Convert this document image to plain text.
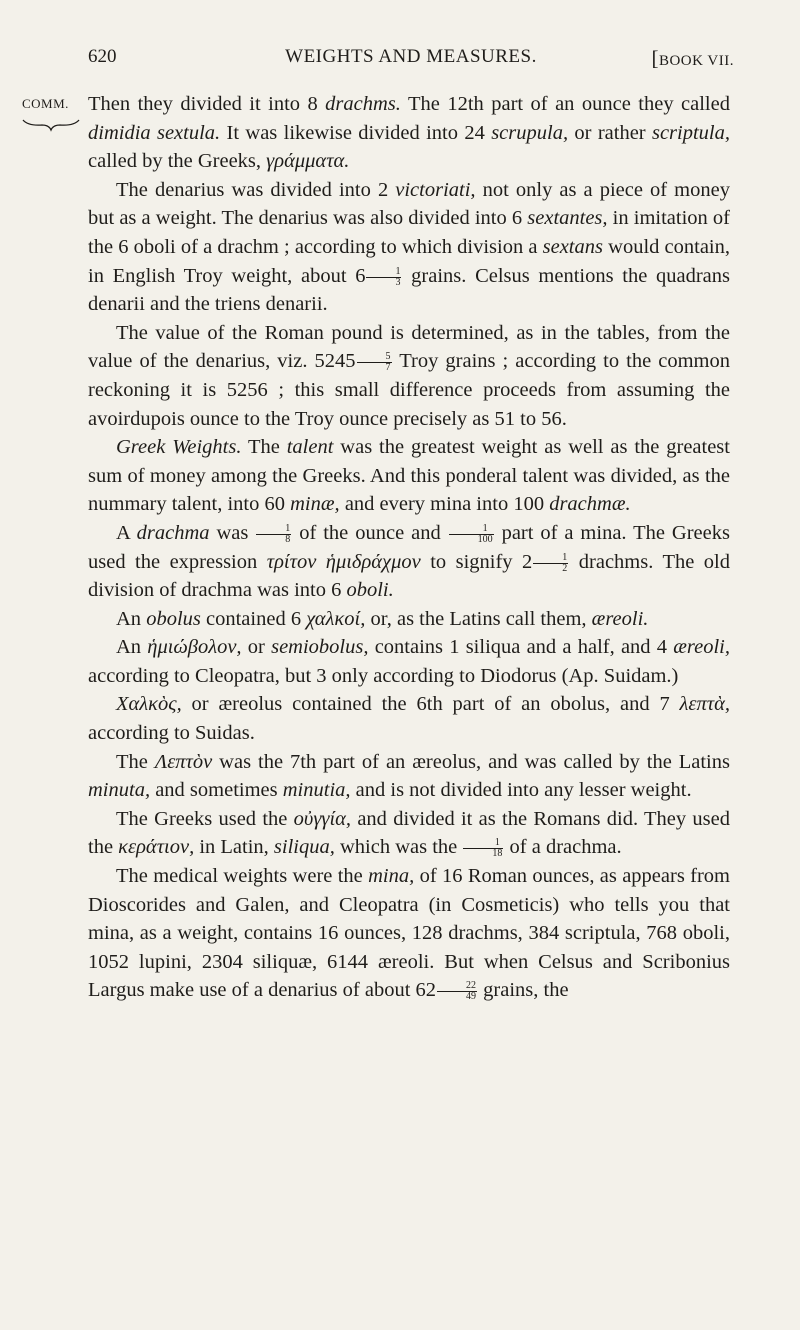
620	WEIGHTS AND MEASURES.	[BOOK VII.
COMM. Then they divided it into 8 drachms. The 12th part of an ounce they called dimidia sextula. It was likewise divided into 24 scrupula, or rather scriptula, called by the Greeks, γράμματα.

The denarius was divided into 2 victoriati, not only as a piece of money but as a weight. The denarius was also divided into 6 sextantes, in imitation of the 6 oboli of a drachm ; according to which division a sextans would contain, in English Troy weight, about $6 \frac{1}{3}$ grains. Celsus mentions the quadrans denarii and the triens denarii.

The value of the Roman pound is determined, as in the tables, from the value of the denarius, viz. $5245 \frac{5}{7}$ Troy grains ; according to the common reckoning it is 5256 ; this small difference proceeds from assuming the avoirdupois ounce to the Troy ounce precisely as 51 to 56.

Greek Weights. The talent was the greatest weight as well as the greatest sum of money among the Greeks. And this ponderal talent was divided, as the nummary talent, into 60 minæ, and every mina into 100 drachmæ.

A drachma was $\frac{1}{8}$ of the ounce and $\frac{1}{100}$ part of a mina. The Greeks used the expression τρίτον ἡμιδράχμον to signify $2 \frac{1}{2}$ drachms. The old division of drachma was into 6 oboli.

An obolus contained 6 χαλκοί, or, as the Latins call them, æreoli.

An ἡμιώβολον, or semiobolus, contains 1 siliqua and a half, and 4 æreoli, according to Cleopatra, but 3 only according to Diodorus (Ap. Suidam.)

Χαλκὸς, or æreolus contained the 6th part of an obolus, and 7 λεπτὰ, according to Suidas.

The Λεπτὸν was the 7th part of an æreolus, and was called by the Latins minuta, and sometimes minutia, and is not divided into any lesser weight.

The Greeks used the οὐγγία, and divided it as the Romans did. They used the κεράτιον, in Latin, siliqua, which was the $\frac{1}{18}$ of a drachma.

The medical weights were the mina, of 16 Roman ounces, as appears from Dioscorides and Galen, and Cleopatra (in Cosmeticis) who tells you that mina, as a weight, contains 16 ounces, 128 drachms, 384 scriptula, 768 oboli, 1052 lupini, 2304 siliquæ, 6144 æreoli. But when Celsus and Scribonius Largus make use of a denarius of about $62 \frac{22}{49}$ grains, the
